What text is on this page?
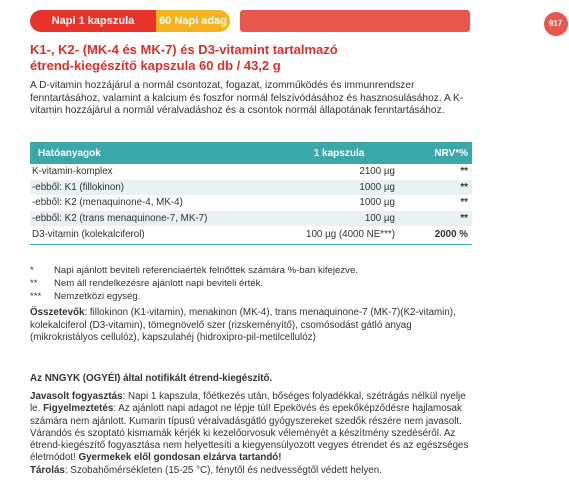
Napi 1 kapszula	60 Napi adag	917
K1-, K2- (MK-4 és MK-7) és D3-vitamint tartalmazó
étrend-kiegészítő kapszula 60 db / 43,2 g
A D-vitamin hozzájárul a normál csontozat, fogazat, izomműködés és immunrendszer fenntartásához, valamint a kalcium és foszfor normál felszívódásához és hasznosulásához. A K-vitamin hozzájárul a normál véralvadáshoz és a csontok normál állapotának fenntartásához.
Hatóanyagok	1 kapszula	NRV*%
K-vitamin-komplex	2100 µg	**
-ebből: K1 (fillokinon)	1000 µg	**
-ebből: K2 (menaquinone-4, MK-4)	1000 µg	**
-ebből: K2 (trans menaquinone-7, MK-7)	100 µg	**
D3-vitamin (kolekalciferol)	100 µg (4000 NE***)	2000 %
*	Napi ajánlott beviteli referenciaérték felnőttek számára %-ban kifejezve.
**	Nem áll rendelkezésre ajánlott napi beviteli érték.
***	Nemzetközi egység.
Összetevők: fillokinon (K1-vitamin), menakinon (MK-4), trans menaquinone-7 (MK-7)(K2-vitamin), kolekalciferol (D3-vitamin), tömegnövelő szer (rizskeményítő), csomósodást gátló anyag (mikrokristályos cellulóz), kapszulahéj (hidroxipro-pil-metilcellulóz)
Az NNGYK (OGYÉI) által notifikált étrend-kiegészítő.
Javasolt fogyasztás: Napi 1 kapszula, főétkezés után, bőséges folyadékkal, szétrágás nélkül nyelje le. Figyelmeztetés: Az ajánlott napi adagot ne lépje túl! Epekövés és epekőképződésre hajlamosak számára nem ajánlott. Kumarin típusú véralvadásgátló gyógyszereket szedők részére nem javasolt. Várandós és szoptató kismamák kérjék ki kezelőorvosuk véleményét a készítmény szedéséről. Az étrend-kiegészítő fogyasztása nem helyettesíti a kiegyensúlyozott vegyes étrendet és az egészséges életmódot! Gyermekek elől gondosan elzárva tartandó!
Tárolás: Szobahőmérsékleten (15-25 °C), fénytől és nedvességtől védett helyen.
